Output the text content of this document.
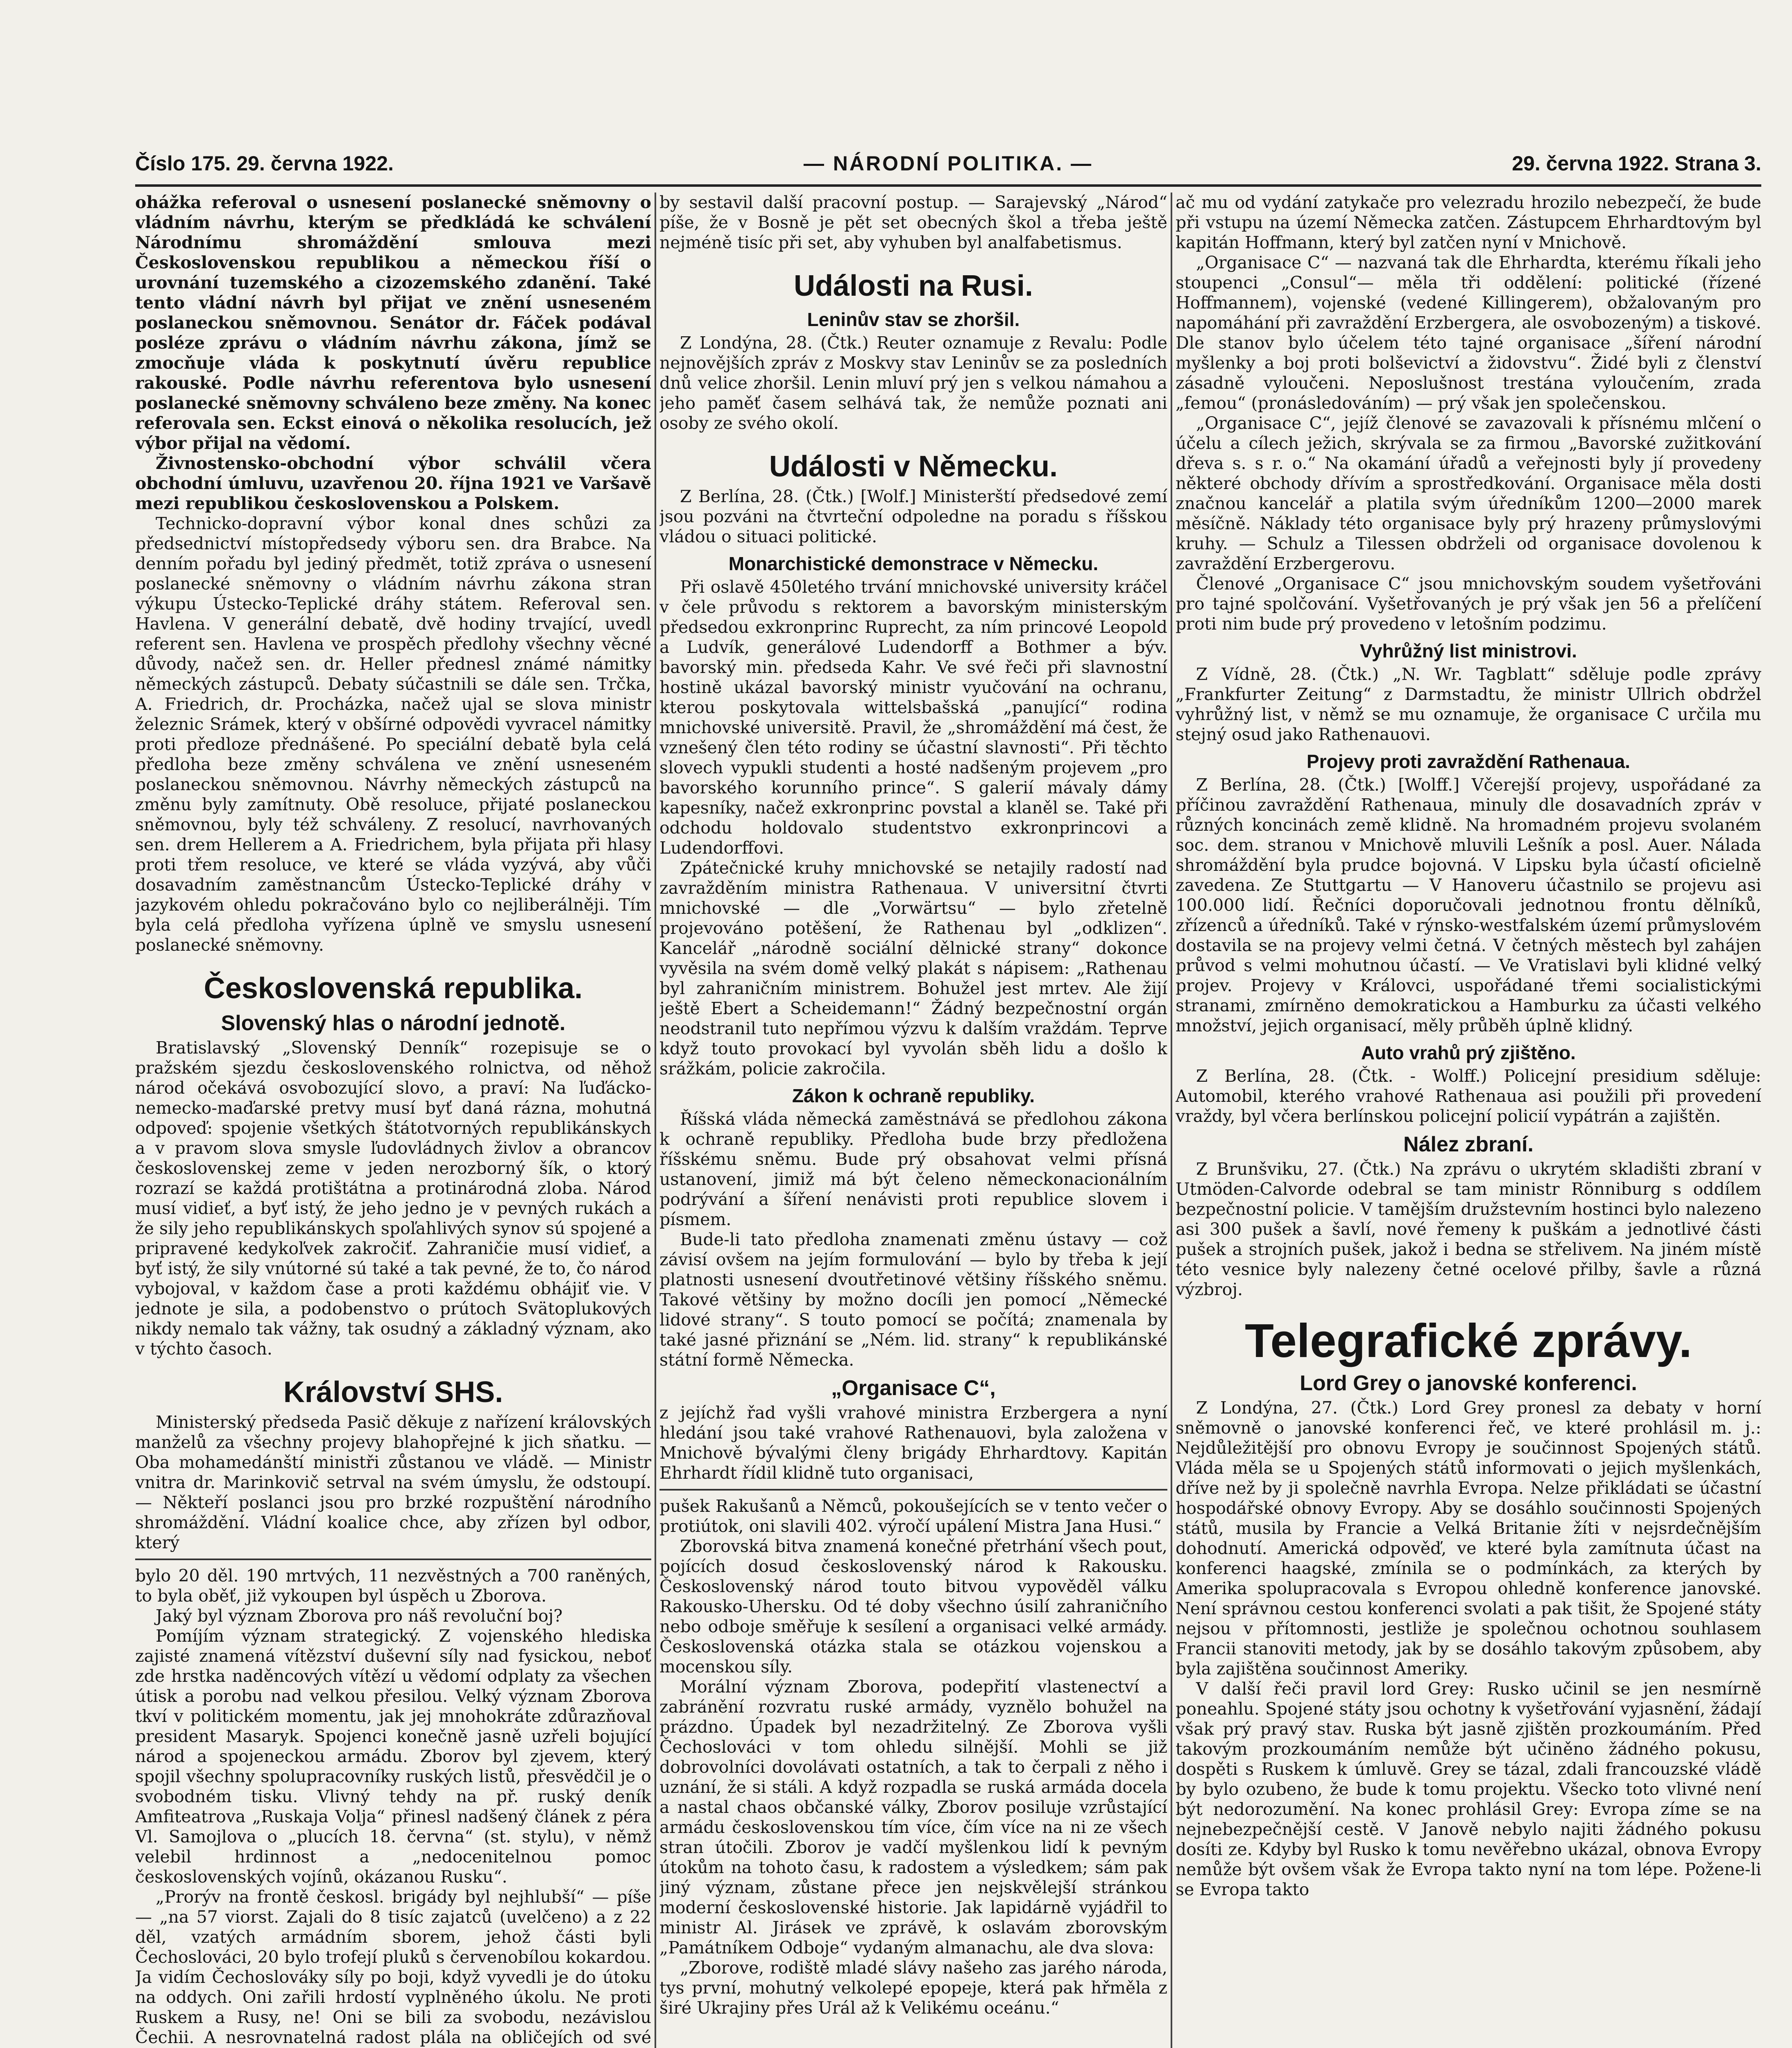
Číslo 175. 29. června 1922.	— NÁRODNÍ POLITIKA. —	29. června 1922. Strana 3.

ohážka referoval o usnesení poslanecké sněmovny o vládním návrhu, kterým se předkládá ke schválení Národnímu shromáždění smlouva mezi Československou republikou a německou říší o urovnání tuzemského a cizozemského zdanění. Také tento vládní návrh byl přijat ve znění usneseném poslaneckou sněmovnou. Senátor dr. Fáček podával posléze zprávu o vládním návrhu zákona, jímž se zmocňuje vláda k poskytnutí úvěru republice rakouské. Podle návrhu referentova bylo usnesení poslanecké sněmovny schváleno beze změny. Na konec referovala sen. Eckst einová o několika resolucích, jež výbor přijal na vědomí.

Živnostensko-obchodní výbor schválil včera obchodní úmluvu, uzavřenou 20. října 1921 ve Varšavě mezi republikou československou a Polskem.

Technicko-dopravní výbor konal dnes schůzi za předsednictví místopředsedy výboru sen. dra Brabce. Na denním pořadu byl jediný předmět, totiž zpráva o usnesení poslanecké sněmovny o vládním návrhu zákona stran výkupu Ústecko-Teplické dráhy státem. Referoval sen. Havlena. V generální debatě, dvě hodiny trvající, uvedl referent sen. Havlena ve prospěch předlohy všechny věcné důvody, načež sen. dr. Heller přednesl známé námitky německých zástupců. Debaty súčastnili se dále sen. Trčka, A. Friedrich, dr. Procházka, načež ujal se slova ministr železnic Srámek, který v obšírné odpovědi vyvracel námitky proti předloze přednášené. Po speciální debatě byla celá předloha beze změny schválena ve znění usneseném poslaneckou sněmovnou. Návrhy německých zástupců na změnu byly zamítnuty. Obě resoluce, přijaté poslaneckou sněmovnou, byly též schváleny. Z resolucí, navrhovaných sen. drem Hellerem a A. Friedrichem, byla přijata při hlasy proti třem resoluce, ve které se vláda vyzývá, aby vůči dosavadním zaměstnancům Ústecko-Teplické dráhy v jazykovém ohledu pokračováno bylo co nejliberálněji. Tím byla celá předloha vyřízena úplně ve smyslu usnesení poslanecké sněmovny.

Československá republika.
Slovenský hlas o národní jednotě.

Bratislavský „Slovenský Denník“ rozepisuje se o pražském sjezdu československého rolnictva, od něhož národ očekává osvobozující slovo, a praví: Na ľuďácko-nemecko-maďarské pretvy musí byť daná rázna, mohutná odpoveď: spojenie všetkých štátotvorných republikánskych a v pravom slova smysle ľudovládnych živlov a obrancov československej zeme v jeden nerozborný šík, o ktorý rozrazí se každá protištátna a protinárodná zloba. Národ musí vidieť, a byť istý, že jeho jedno je v pevných rukách a že sily jeho republikánskych spoľahlivých synov sú spojené a pripravené kedykoľvek zakročiť. Zahraničie musí vidieť, a byť istý, že sily vnútorné sú také a tak pevné, že to, čo národ vybojoval, v každom čase a proti každému obhájiť vie. V jednote je sila, a podobenstvo o prútoch Svätoplukových nikdy nemalo tak vážny, tak osudný a základný význam, ako v týchto časoch.

Království SHS.

Ministerský předseda Pasič děkuje z nařízení královských manželů za všechny projevy blahopřejné k jich sňatku. — Oba mohamedánští ministři zůstanou ve vládě. — Ministr vnitra dr. Marinkovič setrval na svém úmyslu, že odstoupí. — Někteří poslanci jsou pro brzké rozpuštění národního shromáždění. Vládní koalice chce, aby zřízen byl odbor, který

bylo 20 děl. 190 mrtvých, 11 nezvěstných a 700 raněných, to byla oběť, již vykoupen byl úspěch u Zborova.

Jaký byl význam Zborova pro náš revoluční boj?

Pomíjím význam strategický. Z vojenského hlediska zajisté znamená vítězství duševní síly nad fysickou, neboť zde hrstka naděncových vítězí u vědomí odplaty za všechen útisk a porobu nad velkou přesilou. Velký význam Zborova tkví v politickém momentu, jak jej mnohokráte zdůrazňoval president Masaryk. Spojenci konečně jasně uzřeli bojující národ a spojeneckou armádu. Zborov byl zjevem, který spojil všechny spolupracovníky ruských listů, přesvědčil je o svobodném tisku. Vlivný tehdy na př. ruský deník Amfiteatrova „Ruskaja Volja“ přinesl nadšený článek z péra Vl. Samojlova o „plucích 18. června“ (st. stylu), v němž velebil hrdinnost a „nedocenitelnou pomoc československých vojínů, okázanou Rusku“.

„Prorýv na frontě českosl. brigády byl nejhlubší“ — píše — „na 57 viorst. Zajali do 8 tisíc zajatců (uvelčeno) a z 22 děl, vzatých armádním sborem, jehož části byli Čechoslováci, 20 bylo trofejí pluků s červenobílou kokardou. Ja vidím Čechoslováky síly po boji, když vyvedli je do útoku na oddych. Oni zařili hrdostí vyplněného úkolu. Ne proti Ruskem a Rusy, ne! Oni se bili za svobodu, nezávislou Čechii. A nesrovnatelná radost plála na obličejích od své

by sestavil další pracovní postup. — Sarajevský „Národ“ píše, že v Bosně je pět set obecných škol a třeba ještě nejméně tisíc při set, aby vyhuben byl analfabetismus.

Události na Rusi.
Leninův stav se zhoršil.

Z Londýna, 28. (Čtk.) Reuter oznamuje z Revalu: Podle nejnovějších zpráv z Moskvy stav Leninův se za posledních dnů velice zhoršil. Lenin mluví prý jen s velkou námahou a jeho paměť časem selhává tak, že nemůže poznati ani osoby ze svého okolí.

Události v Německu.

Z Berlína, 28. (Čtk.) [Wolf.] Ministerští předsedové zemí jsou pozváni na čtvrteční odpoledne na poradu s říšskou vládou o situaci politické.

Monarchistické demonstrace v Německu.

Při oslavě 450letého trvání mnichovské university kráčel v čele průvodu s rektorem a bavorským ministerským předsedou exkronprinc Ruprecht, za ním princové Leopold a Ludvík, generálové Ludendorff a Bothmer a býv. bavorský min. předseda Kahr. Ve své řeči při slavnostní hostině ukázal bavorský ministr vyučování na ochranu, kterou poskytovala wittelsbašská „panující“ rodina mnichovské universitě. Pravil, že „shromáždění má čest, že vznešený člen této rodiny se účastní slavnosti“. Při těchto slovech vypukli studenti a hosté nadšeným projevem „pro bavorského korunního prince“. S galerií mávaly dámy kapesníky, načež exkronprinc povstal a klaněl se. Také při odchodu holdovalo studentstvo exkronprincovi a Ludendorffovi.

Zpátečnické kruhy mnichovské se netajily radostí nad zavražděním ministra Rathenaua. V universitní čtvrti mnichovské — dle „Vorwärtsu“ — bylo zřetelně projevováno potěšení, že Rathenau byl „odklizen“. Kancelář „národně sociální dělnické strany“ dokonce vyvěsila na svém domě velký plakát s nápisem: „Rathenau byl zahraničním ministrem. Bohužel jest mrtev. Ale žijí ještě Ebert a Scheidemann!“ Žádný bezpečnostní orgán neodstranil tuto nepřímou výzvu k dalším vraždám. Teprve když touto provokací byl vyvolán sběh lidu a došlo k srážkám, policie zakročila.

Zákon k ochraně republiky.

Říšská vláda německá zaměstnává se předlohou zákona k ochraně republiky. Předloha bude brzy předložena říšskému sněmu. Bude prý obsahovat velmi přísná ustanovení, jimiž má být čeleno německonacionálním podrývání a šíření nenávisti proti republice slovem i písmem.

Bude-li tato předloha znamenati změnu ústavy — což závisí ovšem na jejím formulování — bylo by třeba k její platnosti usnesení dvoutřetinové většiny říšského sněmu. Takové většiny by možno docíli jen pomocí „Německé lidové strany“. S touto pomocí se počítá; znamenala by také jasné přiznání se „Ném. lid. strany“ k republikánské státní formě Německa.

„Organisace C“,

z jejíchž řad vyšli vrahové ministra Erzbergera a nyní hledání jsou také vrahové Rathenauovi, byla založena v Mnichově bývalými členy brigády Ehrhardtovy. Kapitán Ehrhardt řídil klidně tuto organisaci,

pušek Rakušanů a Němců, pokoušejících se v tento večer o protiútok, oni slavili 402. výročí upálení Mistra Jana Husi.“

Zborovská bitva znamená konečné přetrhání všech pout, pojících dosud československý národ k Rakousku. Československý národ touto bitvou vypověděl válku Rakousko-Uhersku. Od té doby všechno úsilí zahraničního nebo odboje směřuje k sesílení a organisaci velké armády. Československá otázka stala se otázkou vojenskou a mocenskou síly.

Morální význam Zborova, podepřití vlastenectví a zabránění rozvratu ruské armády, vyznělo bohužel na prázdno. Úpadek byl nezadržitelný. Ze Zborova vyšli Čechoslováci v tom ohledu silnější. Mohli se již dobrovolníci dovolávati ostatních, a tak to čerpali z něho i uznání, že si stáli. A když rozpadla se ruská armáda docela a nastal chaos občanské války, Zborov posiluje vzrůstající armádu československou tím více, čím více na ni ze všech stran útočili. Zborov je vadčí myšlenkou lidí k pevným útokům na tohoto času, k radostem a výsledkem; sám pak jiný význam, zůstane přece jen nejskvělejší stránkou moderní československé historie. Jak lapidárně vyjádřil to ministr Al. Jirásek ve zprávě, k oslavám zborovským „Památníkem Odboje“ vydaným almanachu, ale dva slova:

„Zborove, rodiště mladé slávy našeho zas jarého národa, tys první, mohutný velkolepé epopeje, která pak hřměla z širé Ukrajiny přes Urál až k Velikému oceánu.“

ač mu od vydání zatykače pro velezradu hrozilo nebezpečí, že bude při vstupu na území Německa zatčen. Zástupcem Ehrhardtovým byl kapitán Hoffmann, který byl zatčen nyní v Mnichově.

„Organisace C“ — nazvaná tak dle Ehrhardta, kterému říkali jeho stoupenci „Consul“— měla tři oddělení: politické (řízené Hoffmannem), vojenské (vedené Killingerem), obžalovaným pro napomáhání při zavraždění Erzbergera, ale osvobozeným) a tiskové. Dle stanov bylo účelem této tajné organisace „šíření národní myšlenky a boj proti bolševictví a židovstvu“. Židé byli z členství zásadně vyloučeni. Neposlušnost trestána vyloučením, zrada „femou“ (pronásledováním) — prý však jen společenskou.

„Organisace C“, jejíž členové se zavazovali k přísnému mlčení o účelu a cílech ježich, skrývala se za firmou „Bavorské zužitkování dřeva s. s r. o.“ Na okamání úřadů a veřejnosti byly jí provedeny některé obchody dřívím a sprostředkování. Organisace měla dosti značnou kancelář a platila svým úředníkům 1200—2000 marek měsíčně. Náklady této organisace byly prý hrazeny průmyslovými kruhy. — Schulz a Tilessen obdrželi od organisace dovolenou k zavraždění Erzbergerovu.

Členové „Organisace C“ jsou mnichovským soudem vyšetřováni pro tajné spolčování. Vyšetřovaných je prý však jen 56 a přelíčení proti nim bude prý provedeno v letošním podzimu.

Vyhrůžný list ministrovi.

Z Vídně, 28. (Čtk.) „N. Wr. Tagblatt“ sděluje podle zprávy „Frankfurter Zeitung“ z Darmstadtu, že ministr Ullrich obdržel vyhrůžný list, v němž se mu oznamuje, že organisace C určila mu stejný osud jako Rathenauovi.

Projevy proti zavraždění Rathenaua.

Z Berlína, 28. (Čtk.) [Wolff.] Včerejší projevy, uspořádané za příčinou zavraždění Rathenaua, minuly dle dosavadních zpráv v různých koncinách země klidně. Na hromadném projevu svolaném soc. dem. stranou v Mnichově mluvili Lešník a posl. Auer. Nálada shromáždění byla prudce bojovná. V Lipsku byla účastí oficielně zavedena. Ze Stuttgartu — V Hanoveru účastnilo se projevu asi 100.000 lidí. Řečníci doporučovali jednotnou frontu dělníků, zřízenců a úředníků. Také v rýnsko-westfalském území průmyslovém dostavila se na projevy velmi četná. V četných městech byl zahájen průvod s velmi mohutnou účastí. — Ve Vratislavi byli klidné velký projev. Projevy v Královci, uspořádané třemi socialistickými stranami, zmírněno demokratickou a Hamburku za účasti velkého množství, jejich organisací, měly průběh úplně klidný.

Auto vrahů prý zjištěno.

Z Berlína, 28. (Čtk. - Wolff.) Policejní presidium sděluje: Automobil, kterého vrahové Rathenaua asi použili při provedení vraždy, byl včera berlínskou policejní policií vypátrán a zajištěn.

Nález zbraní.

Z Brunšviku, 27. (Čtk.) Na zprávu o ukrytém skladišti zbraní v Utmöden-Calvorde odebral se tam ministr Rönniburg s oddílem bezpečnostní policie. V tamějším družstevním hostinci bylo nalezeno asi 300 pušek a šavlí, nové řemeny k puškám a jednotlivé části pušek a strojních pušek, jakož i bedna se střelivem. Na jiném místě této vesnice byly nalezeny četné ocelové přilby, šavle a různá výzbroj.

Telegrafické zprávy.
Lord Grey o janovské konferenci.

Z Londýna, 27. (Čtk.) Lord Grey pronesl za debaty v horní sněmovně o janovské konferenci řeč, ve které prohlásil m. j.: Nejdůležitější pro obnovu Evropy je součinnost Spojených států. Vláda měla se u Spojených států informovati o jejich myšlenkách, dříve než by ji společně navrhla Evropa. Nelze přikládati se účastní hospodářské obnovy Evropy. Aby se dosáhlo součinnosti Spojených států, musila by Francie a Velká Britanie žíti v nejsrdečnějším dohodnutí. Americká odpověď, ve které byla zamítnuta účast na konferenci haagské, zmínila se o podmínkách, za kterých by Amerika spolupracovala s Evropou ohledně konference janovské. Není správnou cestou konferenci svolati a pak tišit, že Spojené státy nejsou v přítomnosti, jestliže je společnou ochotnou souhlasem Francii stanoviti metody, jak by se dosáhlo takovým způsobem, aby byla zajištěna součinnost Ameriky.

V další řeči pravil lord Grey: Rusko učinil se jen nesmírně poneahlu. Spojené státy jsou ochotny k vyšetřování vyjasnění, žádají však prý pravý stav. Ruska být jasně zjištěn prozkoumáním. Před takovým prozkoumáním nemůže být učiněno žádného pokusu, dospěti s Ruskem k úmluvě. Grey se tázal, zdali francouzské vládě by bylo ozubeno, že bude k tomu projektu. Všecko toto vlivné není být nedorozumění. Na konec prohlásil Grey: Evropa zíme se na nejnebezpečnější cestě. V Janově nebylo najiti žádného pokusu dosíti ze. Kdyby byl Rusko k tomu nevěřebno ukázal, obnova Evropy nemůže být ovšem však že Evropa takto nyní na tom lépe. Požene-li se Evropa takto
